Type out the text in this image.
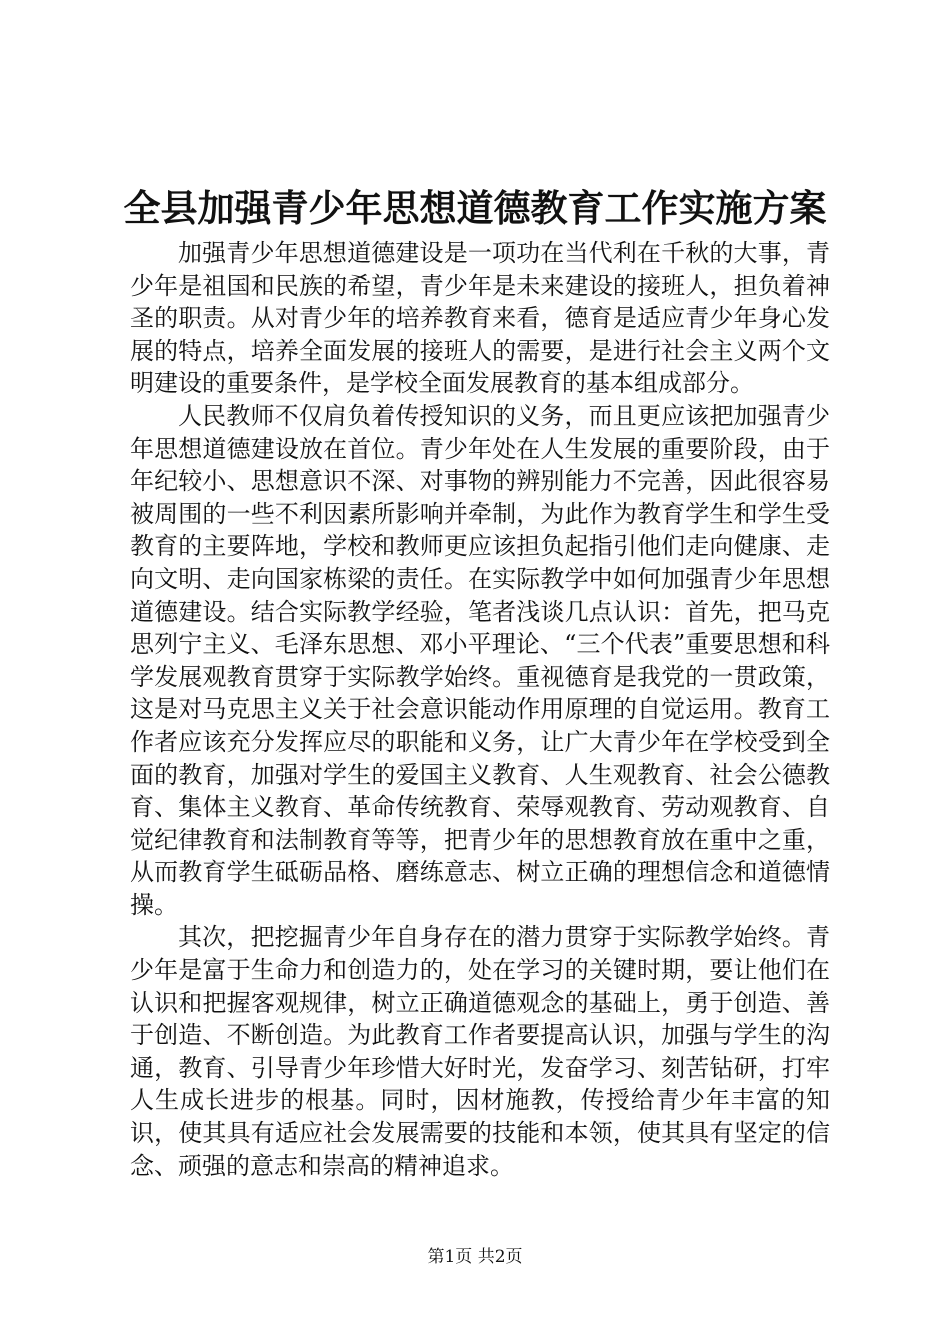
全县加强青少年思想道德教育工作实施方案

加强青少年思想道德建设是一项功在当代利在千秋的大事，青少年是祖国和民族的希望，青少年是未来建设的接班人，担负着神圣的职责。从对青少年的培养教育来看，德育是适应青少年身心发展的特点，培养全面发展的接班人的需要，是进行社会主义两个文明建设的重要条件，是学校全面发展教育的基本组成部分。

人民教师不仅肩负着传授知识的义务，而且更应该把加强青少年思想道德建设放在首位。青少年处在人生发展的重要阶段，由于年纪较小、思想意识不深、对事物的辨别能力不完善，因此很容易被周围的一些不利因素所影响并牵制，为此作为教育学生和学生受教育的主要阵地，学校和教师更应该担负起指引他们走向健康、走向文明、走向国家栋梁的责任。在实际教学中如何加强青少年思想道德建设。结合实际教学经验，笔者浅谈几点认识：首先，把马克思列宁主义、毛泽东思想、邓小平理论、“三个代表”重要思想和科学发展观教育贯穿于实际教学始终。重视德育是我党的一贯政策，这是对马克思主义关于社会意识能动作用原理的自觉运用。教育工作者应该充分发挥应尽的职能和义务，让广大青少年在学校受到全面的教育，加强对学生的爱国主义教育、人生观教育、社会公德教育、集体主义教育、革命传统教育、荣辱观教育、劳动观教育、自觉纪律教育和法制教育等等，把青少年的思想教育放在重中之重，从而教育学生砥砺品格、磨练意志、树立正确的理想信念和道德情操。

其次，把挖掘青少年自身存在的潜力贯穿于实际教学始终。青少年是富于生命力和创造力的，处在学习的关键时期，要让他们在认识和把握客观规律，树立正确道德观念的基础上，勇于创造、善于创造、不断创造。为此教育工作者要提高认识，加强与学生的沟通，教育、引导青少年珍惜大好时光，发奋学习、刻苦钻研，打牢人生成长进步的根基。同时，因材施教，传授给青少年丰富的知识，使其具有适应社会发展需要的技能和本领，使其具有坚定的信念、顽强的意志和崇高的精神追求。

第1页 共2页
